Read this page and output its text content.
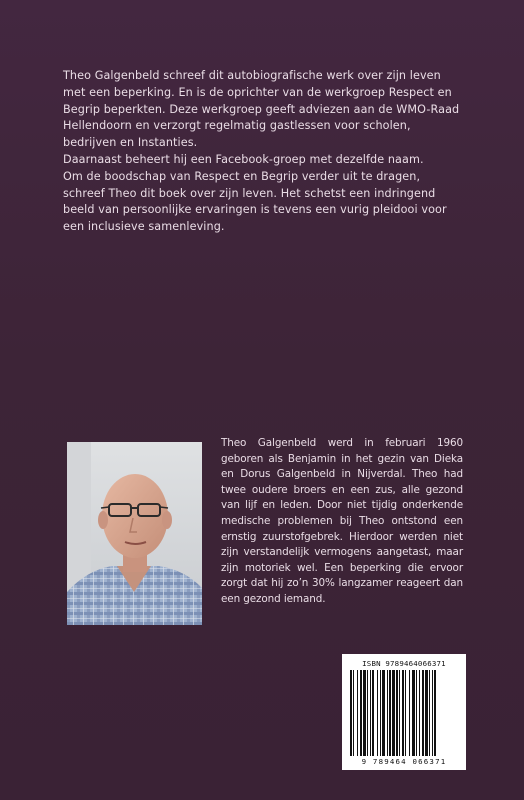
Theo Galgenbeld schreef dit autobiografische werk over zijn leven met een beperking. En is de oprichter van de werkgroep Respect en Begrip beperkten. Deze werkgroep geeft adviezen aan de WMO-Raad Hellendoorn en verzorgt regelmatig gastlessen voor scholen, bedrijven en Instanties.

Daarnaast beheert hij een Facebook-groep met dezelfde naam.

Om de boodschap van Respect en Begrip verder uit te dragen, schreef Theo dit boek over zijn leven. Het schetst een indringend beeld van persoonlijke ervaringen is tevens een vurig pleidooi voor een inclusieve samenleving.

Theo Galgenbeld werd in februari 1960 geboren als Benjamin in het gezin van Dieka en Dorus Galgenbeld in Nijverdal. Theo had twee oudere broers en een zus, alle gezond van lijf en leden. Door niet tijdig onderkende medische problemen bij Theo ontstond een ernstig zuurstofgebrek. Hierdoor werden niet zijn verstandelijk vermogens aangetast, maar zijn motoriek wel. Een beperking die ervoor zorgt dat hij zo’n 30% langzamer reageert dan een gezond iemand.
ISBN 9789464066371
9 789464 066371
